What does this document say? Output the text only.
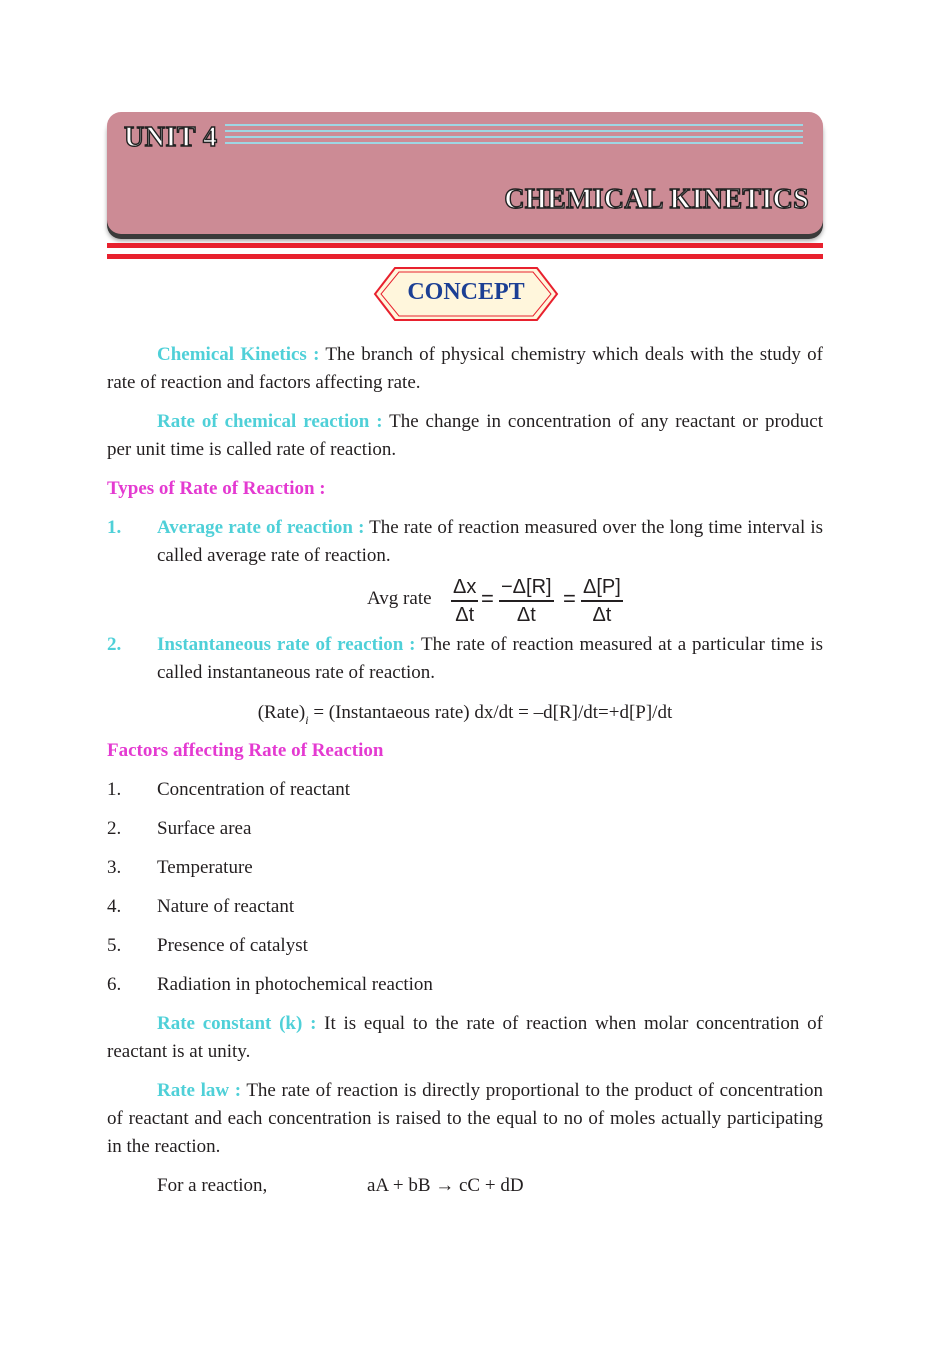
UNIT 4
CHEMICAL KINETICS
CONCEPT
Chemical Kinetics : The branch of physical chemistry which deals with the study of rate of reaction and factors affecting rate.
Rate of chemical reaction : The change in concentration of any reactant or product per unit time is called rate of reaction.
Types of Rate of Reaction :
1. Average rate of reaction : The rate of reaction measured over the long time interval is called average rate of reaction.
Avg rate
Δx
Δt
= −Δ[R]
Δt
= Δ[P]
Δt
2. Instantaneous rate of reaction : The rate of reaction measured at a particular time is called instantaneous rate of reaction.
$(Rate)_i$ = (Instantaeous rate) dx/dt = –d[R]/dt=+d[P]/dt
Factors affecting Rate of Reaction
1. Concentration of reactant
2. Surface area
3. Temperature
4. Nature of reactant
5. Presence of catalyst
6. Radiation in photochemical reaction
Rate constant (k) : It is equal to the rate of reaction when molar concentration of reactant is at unity.
Rate law : The rate of reaction is directly proportional to the product of concentration of reactant and each concentration is raised to the equal to no of moles actually participating in the reaction.
For a reaction,	aA + bB → cC + dD
